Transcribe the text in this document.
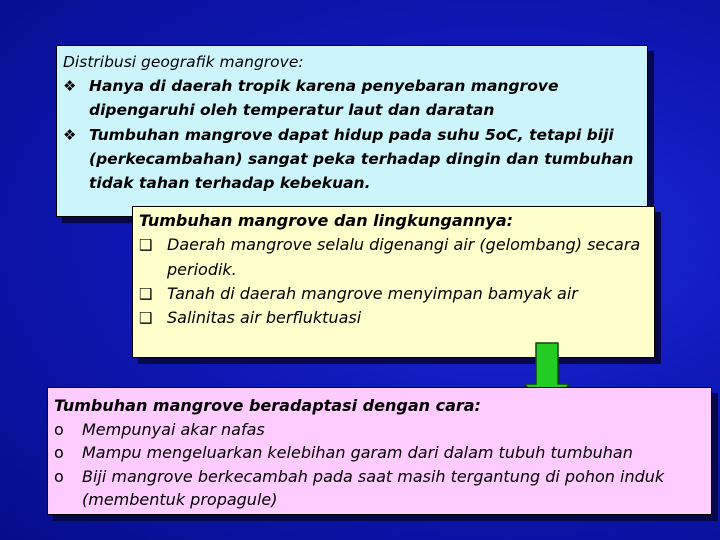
Distribusi geografik mangrove:

❖ Hanya di daerah tropik karena penyebaran mangrove dipengaruhi oleh temperatur laut dan daratan
❖ Tumbuhan mangrove dapat hidup pada suhu 5oC, tetapi biji (perkecambahan) sangat peka terhadap dingin dan tumbuhan tidak tahan terhadap kebekuan.

Tumbuhan mangrove dan lingkungannya:

❑ Daerah mangrove selalu digenangi air (gelombang) secara periodik.
❑ Tanah di daerah mangrove menyimpan bamyak air
❑ Salinitas air berfluktuasi

Tumbuhan mangrove beradaptasi dengan cara:

o Mempunyai akar nafas
o Mampu mengeluarkan kelebihan garam dari dalam tubuh tumbuhan
o Biji mangrove berkecambah pada saat masih tergantung di pohon induk (membentuk propagule)
